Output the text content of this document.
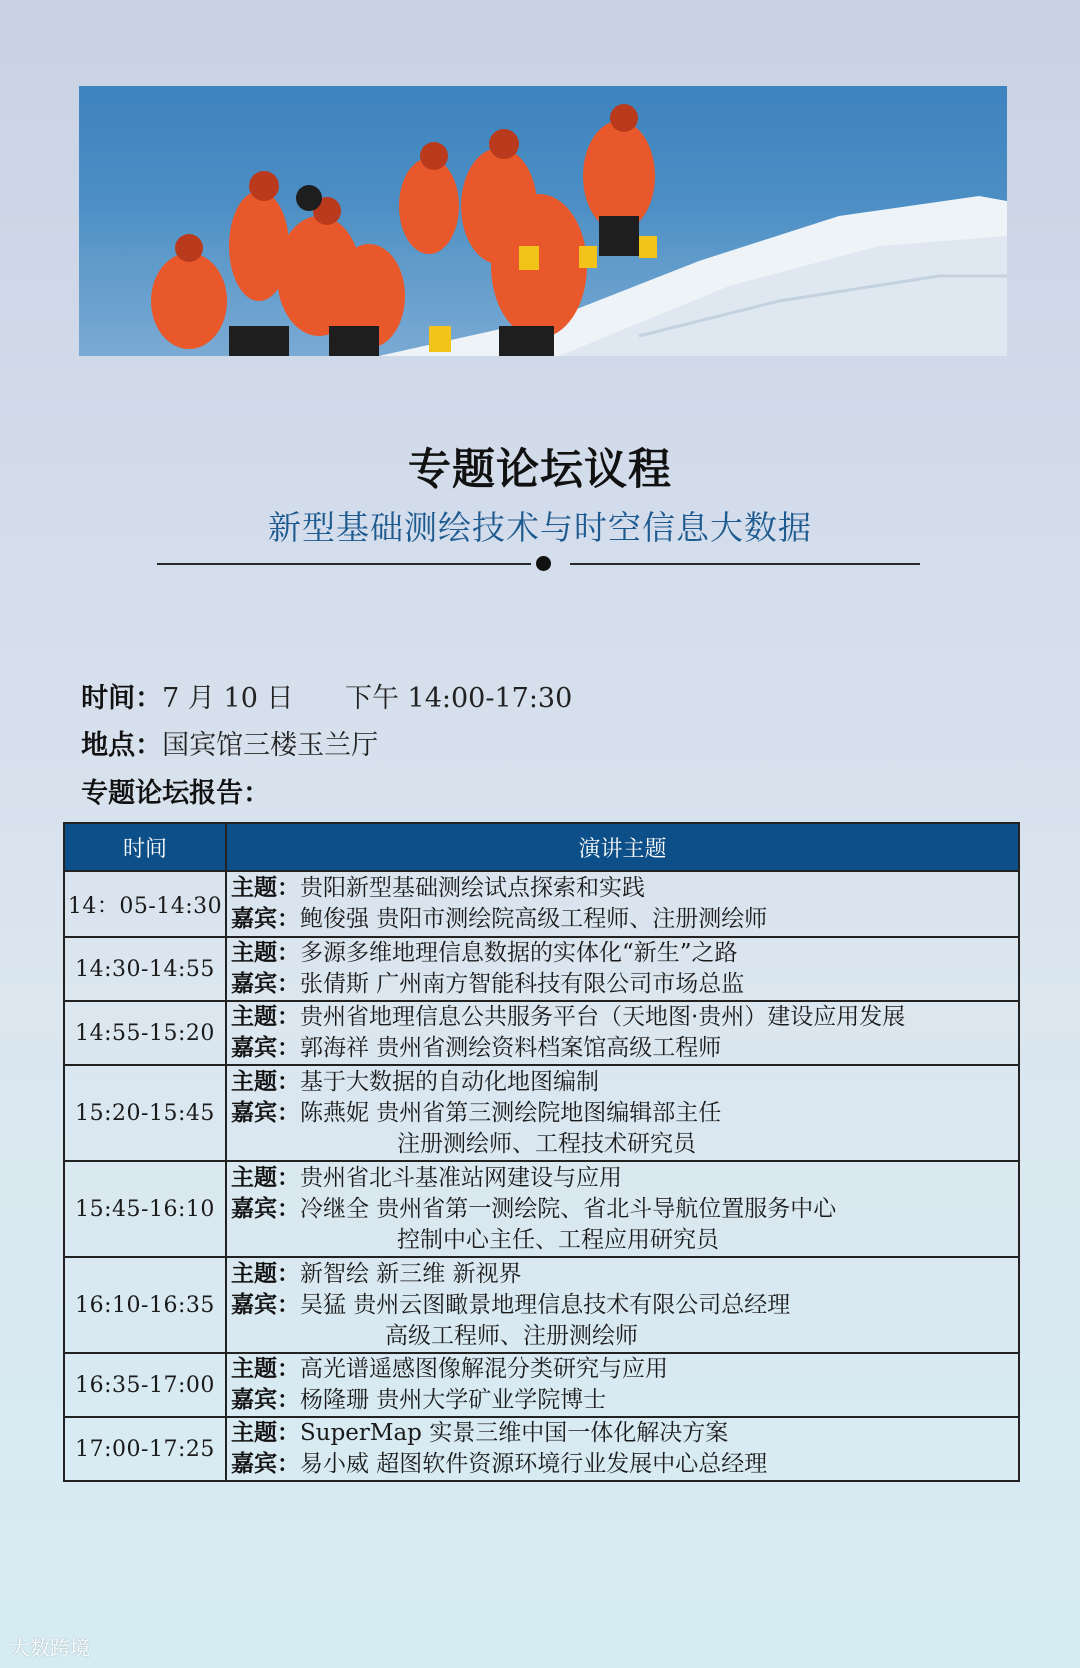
专题论坛议程
新型基础测绘技术与时空信息大数据

时间：7 月 10 日      下午 14:00-17:30

地点：国宾馆三楼玉兰厅

专题论坛报告：

时间	演讲主题
14：05-14:30	主题：贵阳新型基础测绘试点探索和实践
嘉宾：鲍俊强 贵阳市测绘院高级工程师、注册测绘师

14:30-14:55	主题：多源多维地理信息数据的实体化“新生”之路
嘉宾：张倩斯 广州南方智能科技有限公司市场总监

14:55-15:20	主题：贵州省地理信息公共服务平台（天地图·贵州）建设应用发展
嘉宾：郭海祥 贵州省测绘资料档案馆高级工程师

15:20-15:45	主题：基于大数据的自动化地图编制
嘉宾：陈燕妮 贵州省第三测绘院地图编辑部主任
注册测绘师、工程技术研究员

15:45-16:10	主题：贵州省北斗基准站网建设与应用
嘉宾：冷继全 贵州省第一测绘院、省北斗导航位置服务中心
控制中心主任、工程应用研究员

16:10-16:35	主题：新智绘 新三维 新视界
嘉宾：吴猛 贵州云图瞰景地理信息技术有限公司总经理
高级工程师、注册测绘师

16:35-17:00	主题：高光谱遥感图像解混分类研究与应用
嘉宾：杨隆珊 贵州大学矿业学院博士

17:00-17:25	主题：SuperMap 实景三维中国一体化解决方案
嘉宾：易小威 超图软件资源环境行业发展中心总经理
大数跨境
